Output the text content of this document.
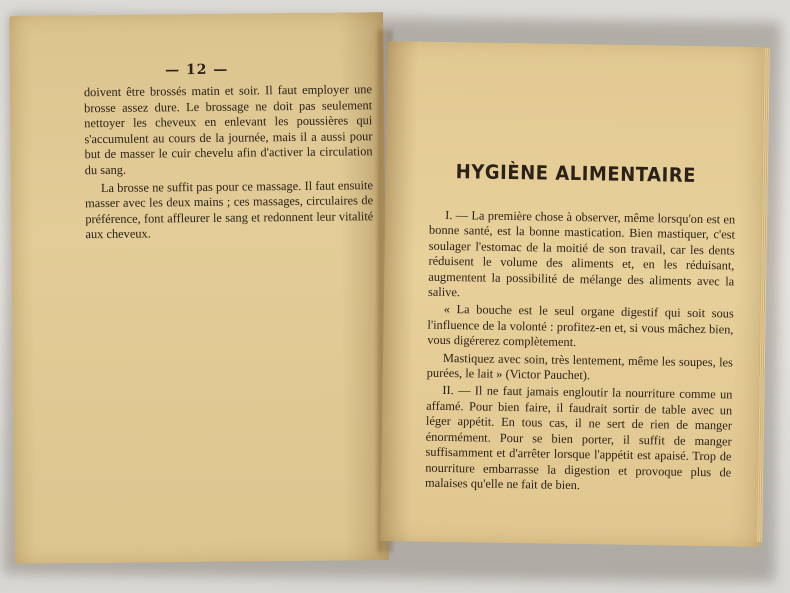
— 12 —

doivent être brossés matin et soir. Il faut employer une brosse assez dure. Le brossage ne doit pas seulement nettoyer les cheveux en enlevant les poussières qui s'accumulent au cours de la journée, mais il a aussi pour but de masser le cuir chevelu afin d'activer la circulation du sang.

La brosse ne suffit pas pour ce massage. Il faut ensuite masser avec les deux mains ; ces massages, circulaires de préférence, font affleurer le sang et redonnent leur vitalité aux cheveux.

HYGIÈNE ALIMENTAIRE

I. — La première chose à observer, même lorsqu'on est en bonne santé, est la bonne mastication. Bien mastiquer, c'est soulager l'estomac de la moitié de son travail, car les dents réduisent le volume des aliments et, en les réduisant, augmentent la possibilité de mélange des aliments avec la salive.

« La bouche est le seul organe digestif qui soit sous l'influence de la volonté : profitez-en et, si vous mâchez bien, vous digérerez complètement.

Mastiquez avec soin, très lentement, même les soupes, les purées, le lait » (Victor Pauchet).

II. — Il ne faut jamais engloutir la nourriture comme un affamé. Pour bien faire, il faudrait sortir de table avec un léger appétit. En tous cas, il ne sert de rien de manger énormément. Pour se bien porter, il suffit de manger suffisamment et d'arrêter lorsque l'appétit est apaisé. Trop de nourriture embarrasse la digestion et provoque plus de malaises qu'elle ne fait de bien.
